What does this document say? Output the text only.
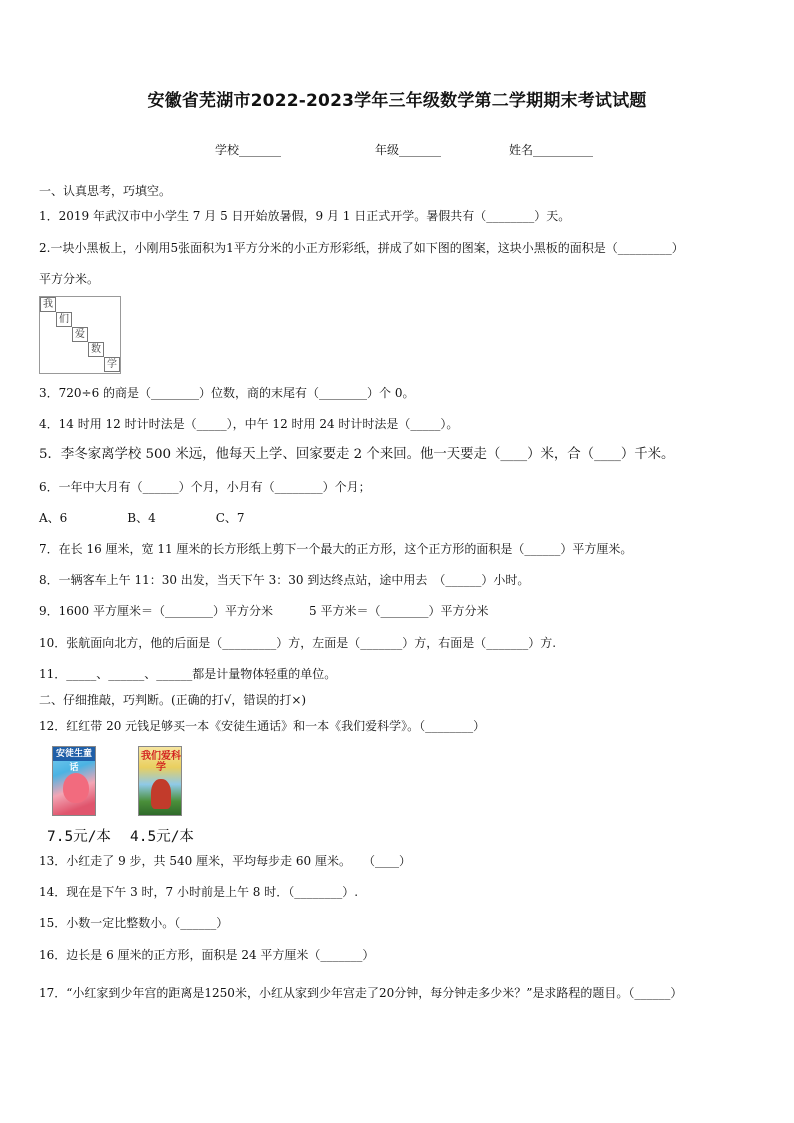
安徽省芜湖市2022-2023学年三年级数学第二学期期末考试试题
学校_______	年级_______	姓名__________
一、认真思考，巧填空。
1．2019 年武汉市中小学生 7 月 5 日开始放暑假，9 月 1 日正式开学。暑假共有（________）天。
2.一块小黑板上，小刚用5张面积为1平方分米的小正方形彩纸，拼成了如下图的图案，这块小黑板的面积是（_________）
平方分米。
我
们
爱
数
学
3．720÷6 的商是（________）位数，商的末尾有（________）个 0。
4．14 时用 12 时计时法是（_____），中午 12 时用 24 时计时法是（_____）。
5．李冬家离学校 500 米远，他每天上学、回家要走 2 个来回。他一天要走（____）米，合（____）千米。
6．一年中大月有（______）个月，小月有（________）个月；
A、6　　　　　B、4　　　　　C、7
7．在长 16 厘米，宽 11 厘米的长方形纸上剪下一个最大的正方形，这个正方形的面积是（______）平方厘米。
8．一辆客车上午 11：30 出发，当天下午 3：30 到达终点站，途中用去　（______）小时。
9．1600 平方厘米＝（________）平方分米　　　5 平方米＝（________）平方分米
10．张航面向北方，他的后面是（_________）方，左面是（_______）方，右面是（_______）方.
11．_____、______、______都是计量物体轻重的单位。
二、仔细推敲，巧判断。(正确的打√，错误的打×)
12．红红带 20 元钱足够买一本《安徒生通话》和一本《我们爱科学》。（________）
安徒生童话
我们爱科学
7.5元/本 4.5元/本
13．小红走了 9 步，共 540 厘米，平均每步走 60 厘米。　　（____）
14．现在是下午 3 时，7 小时前是上午 8 时．（________）.
15．小数一定比整数小。（______）
16．边长是 6 厘米的正方形，面积是 24 平方厘米（_______）
17．“小红家到少年宫的距离是1250米，小红从家到少年宫走了20分钟，每分钟走多少米？”是求路程的题目。（______）
